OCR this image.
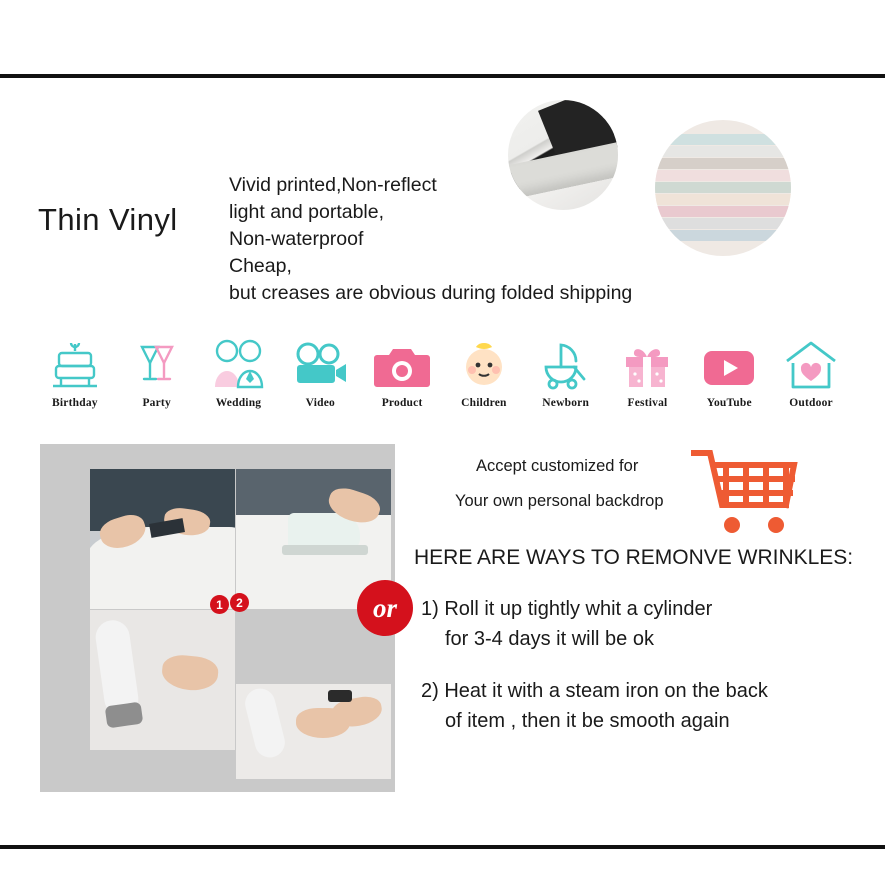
Thin Vinyl
Vivid printed,Non-reflect
light and portable,
Non-waterproof
Cheap,
but creases are obvious during folded shipping
Birthday	Party	Wedding	Video	Product	Children	Newborn	Festival	YouTube	Outdoor
1	2
Accept customized for
Your own personal backdrop
HERE ARE WAYS TO REMONVE WRINKLES:
or	1) Roll it up tightly whit a cylinder
for 3-4 days it will be ok
2) Heat it with a steam iron on the back
of item , then it be smooth again
